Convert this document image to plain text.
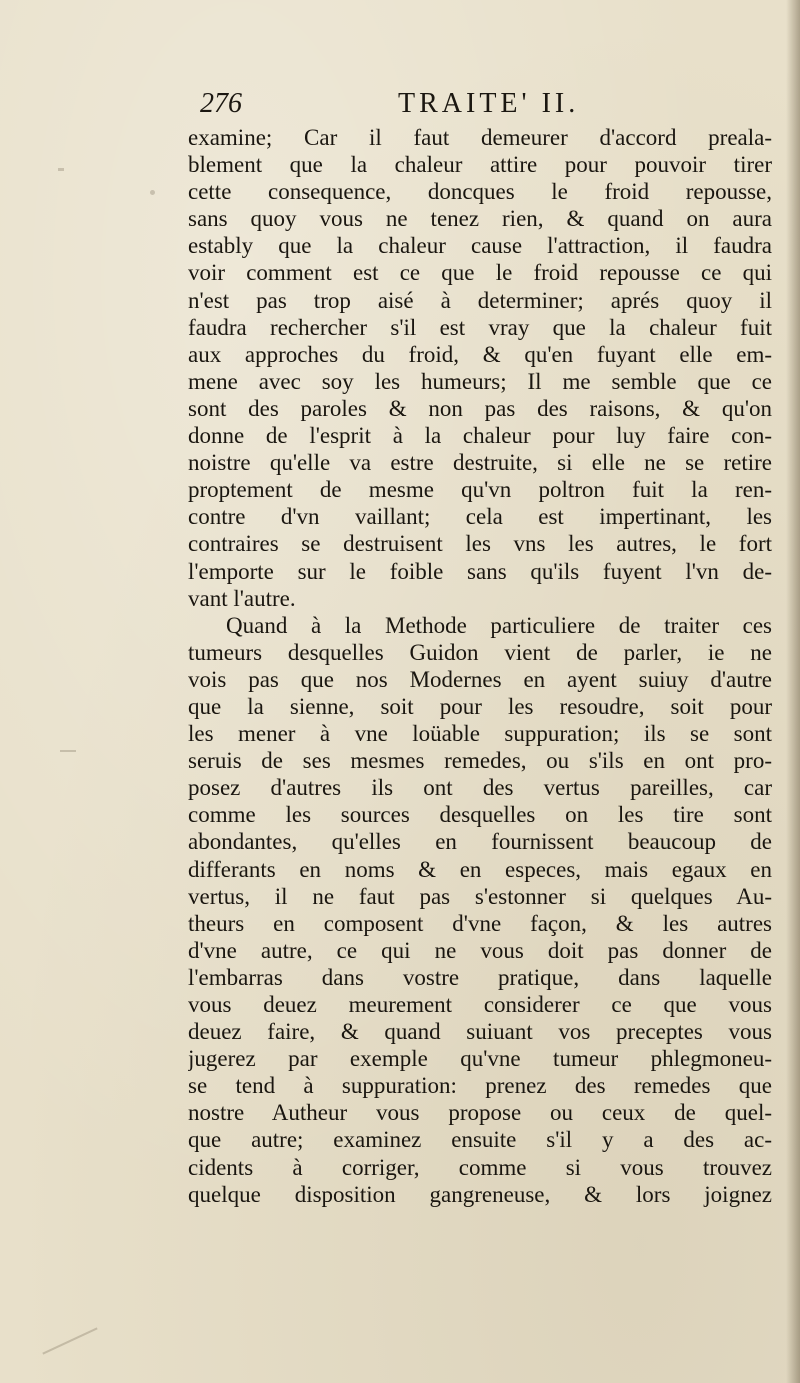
276	TRAITE' II.
examine; Car il faut demeurer d'accord preala-
blement que la chaleur attire pour pouvoir tirer
cette consequence, doncques le froid repousse,
sans quoy vous ne tenez rien, & quand on aura
estably que la chaleur cause l'attraction, il faudra
voir comment est ce que le froid repousse ce qui
n'est pas trop aisé à determiner; aprés quoy il
faudra rechercher s'il est vray que la chaleur fuit
aux approches du froid, & qu'en fuyant elle em-
mene avec soy les humeurs; Il me semble que ce
sont des paroles & non pas des raisons, & qu'on
donne de l'esprit à la chaleur pour luy faire con-
noistre qu'elle va estre destruite, si elle ne se retire
proptement de mesme qu'vn poltron fuit la ren-
contre d'vn vaillant; cela est impertinant, les
contraires se destruisent les vns les autres, le fort
l'emporte sur le foible sans qu'ils fuyent l'vn de-
vant l'autre.
Quand à la Methode particuliere de traiter ces
tumeurs desquelles Guidon vient de parler, ie ne
vois pas que nos Modernes en ayent suiuy d'autre
que la sienne, soit pour les resoudre, soit pour
les mener à vne loüable suppuration; ils se sont
seruis de ses mesmes remedes, ou s'ils en ont pro-
posez d'autres ils ont des vertus pareilles, car
comme les sources desquelles on les tire sont
abondantes, qu'elles en fournissent beaucoup de
differants en noms & en especes, mais egaux en
vertus, il ne faut pas s'estonner si quelques Au-
theurs en composent d'vne façon, & les autres
d'vne autre, ce qui ne vous doit pas donner de
l'embarras dans vostre pratique, dans laquelle
vous deuez meurement considerer ce que vous
deuez faire, & quand suiuant vos preceptes vous
jugerez par exemple qu'vne tumeur phlegmoneu-
se tend à suppuration: prenez des remedes que
nostre Autheur vous propose ou ceux de quel-
que autre; examinez ensuite s'il y a des ac-
cidents à corriger, comme si vous trouvez
quelque disposition gangreneuse, & lors joignez
